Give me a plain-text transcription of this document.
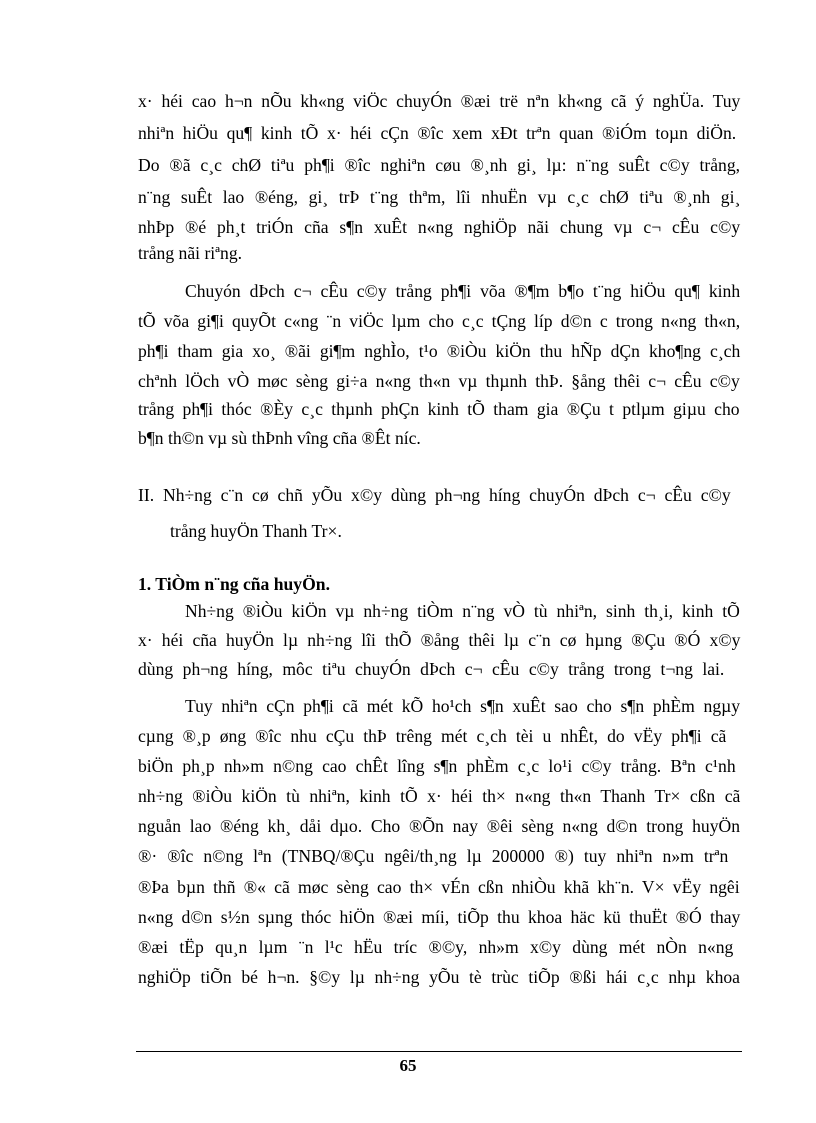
x· héi cao h¬n nÕu kh«ng viÖc chuyÓn ®æi trë nªn kh«ng cã ý nghÜa. Tuy
nhiªn hiÖu qu¶ kinh tÕ x· héi cÇn ®îc xem xÐt trªn quan ®iÓm toµn diÖn.
Do ®ã c¸c chØ tiªu ph¶i ®îc nghiªn cøu ®¸nh gi¸ lµ: n¨ng suÊt c©y trång,
n¨ng suÊt lao ®éng, gi¸ trÞ t¨ng thªm, lîi nhuËn vµ c¸c chØ tiªu ®¸nh gi¸
nhÞp ®é ph¸t triÓn cña s¶n xuÊt n«ng nghiÖp nãi chung vµ c¬ cÊu c©y
trång nãi riªng.
Chuyón dÞch c¬ cÊu c©y trång ph¶i võa ®¶m b¶o t¨ng hiÖu qu¶ kinh
tÕ võa gi¶i quyÕt c«ng ¨n viÖc lµm cho c¸c tÇng líp d©n c trong n«ng th«n,
ph¶i tham gia xo¸ ®ãi gi¶m nghÌo, t¹o ®iÒu kiÖn thu hÑp dÇn kho¶ng c¸ch
chªnh lÖch vÒ møc sèng gi÷a n«ng th«n vµ thµnh thÞ. §ång thêi c¬ cÊu c©y
trång ph¶i thóc ®Èy c¸c thµnh phÇn kinh tÕ tham gia ®Çu t ptlµm giµu cho
b¶n th©n vµ sù thÞnh vîng cña ®Êt níc.
II. Nh÷ng c¨n cø chñ yÕu x©y dùng ph¬ng híng chuyÓn dÞch c¬ cÊu c©y
trång huyÖn Thanh Tr×.
1. TiÒm n¨ng cña huyÖn.
Nh÷ng ®iÒu kiÖn vµ nh÷ng tiÒm n¨ng vÒ tù nhiªn, sinh th¸i, kinh tÕ
x· héi cña huyÖn lµ nh÷ng lîi thÕ ®ång thêi lµ c¨n cø hµng ®Çu ®Ó x©y
dùng ph¬ng híng, môc tiªu chuyÓn dÞch c¬ cÊu c©y trång trong t¬ng lai.
Tuy nhiªn cÇn ph¶i cã mét kÕ ho¹ch s¶n xuÊt sao cho s¶n phÈm ngµy
cµng ®¸p øng ®îc nhu cÇu thÞ trêng mét c¸ch tèi u nhÊt, do vËy ph¶i cã
biÖn ph¸p nh»m n©ng cao chÊt lîng s¶n phÈm c¸c lo¹i c©y trång. Bªn c¹nh
nh÷ng ®iÒu kiÖn tù nhiªn, kinh tÕ x· héi th× n«ng th«n Thanh Tr× cßn cã
nguån lao ®éng kh¸ dåi dµo. Cho ®Õn nay ®êi sèng n«ng d©n trong huyÖn
®· ®îc n©ng lªn (TNBQ/®Çu ngêi/th¸ng lµ 200000 ®) tuy nhiªn n»m trªn
®Þa bµn thñ ®« cã møc sèng cao th× vÉn cßn nhiÒu khã kh¨n. V× vËy ngêi
n«ng d©n s½n sµng thóc hiÖn ®æi míi, tiÕp thu khoa häc kü thuËt ®Ó thay
®æi tËp qu¸n lµm ¨n l¹c hËu tríc ®©y, nh»m x©y dùng mét nÒn n«ng
nghiÖp tiÕn bé h¬n. §©y lµ nh÷ng yÕu tè trùc tiÕp ®ßi hái c¸c nhµ khoa
65
